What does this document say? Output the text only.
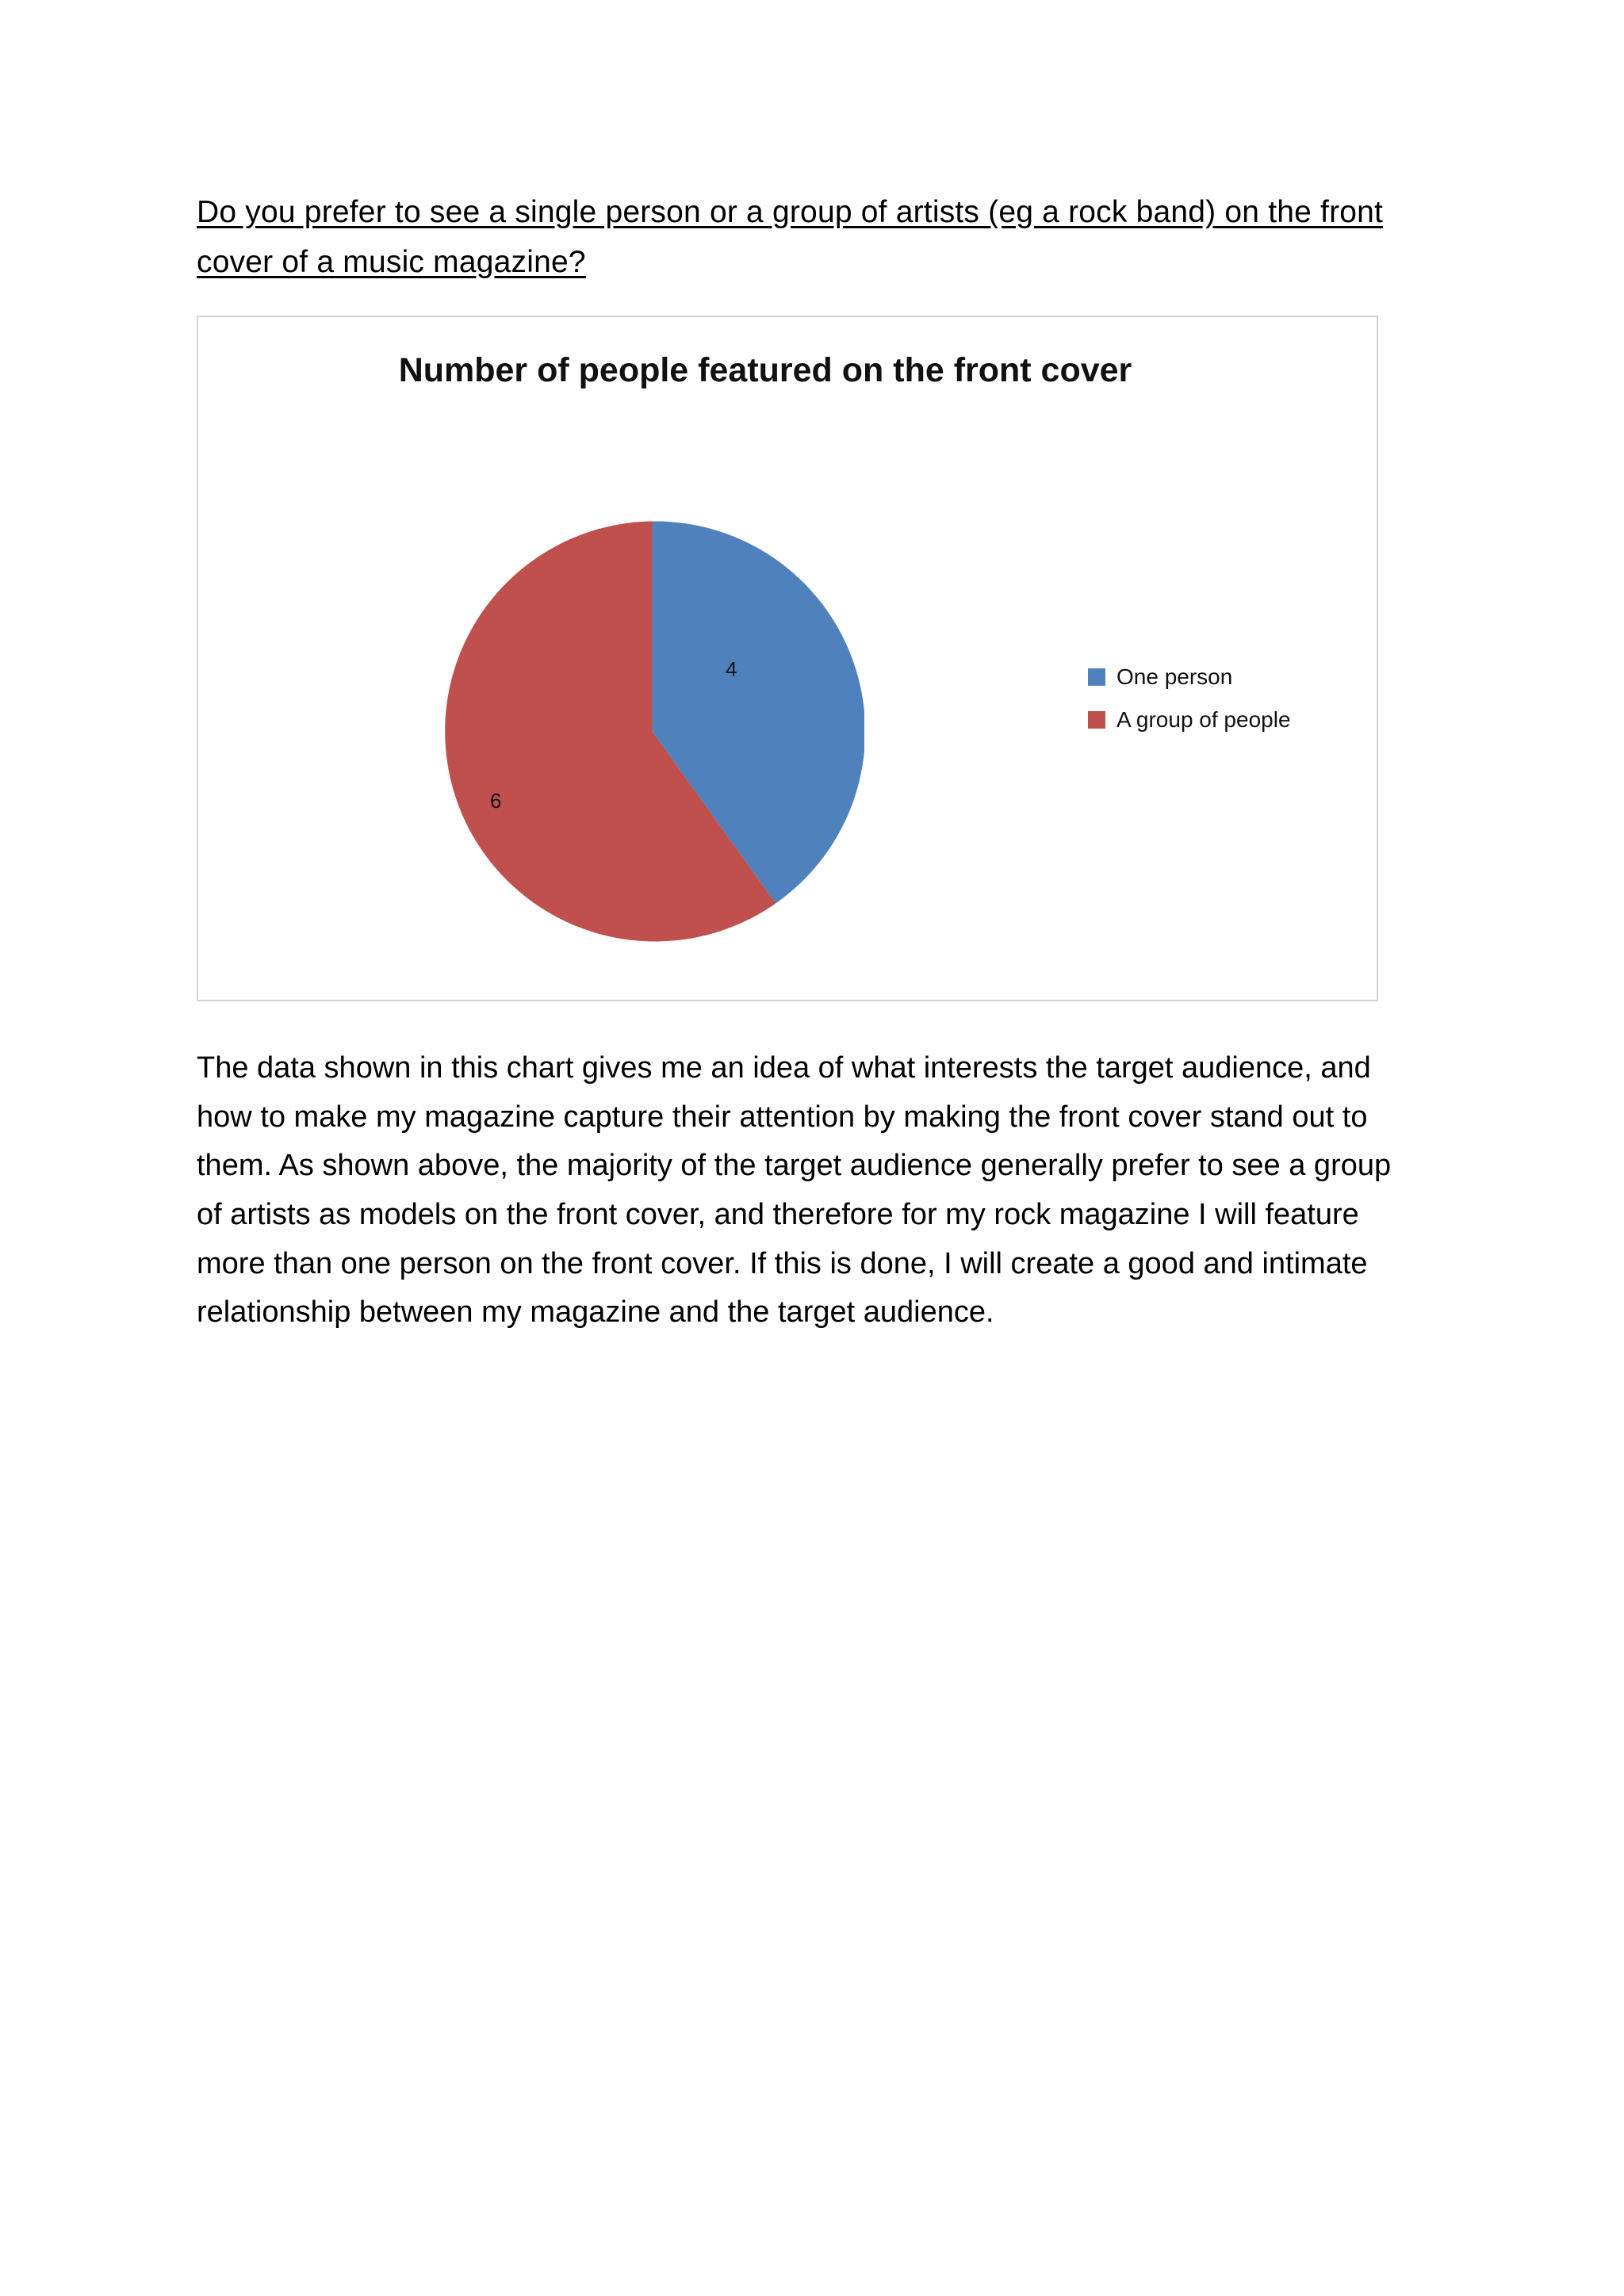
Do you prefer to see a single person or a group of artists (eg a rock band) on the front cover of a music magazine?
Number of people featured on the front cover
4
6
One person
A group of people
The data shown in this chart gives me an idea of what interests the target audience, and how to make my magazine capture their attention by making the front cover stand out to them. As shown above, the majority of the target audience generally prefer to see a group of artists as models on the front cover, and therefore for my rock magazine I will feature more than one person on the front cover. If this is done, I will create a good and intimate relationship between my magazine and the target audience.
